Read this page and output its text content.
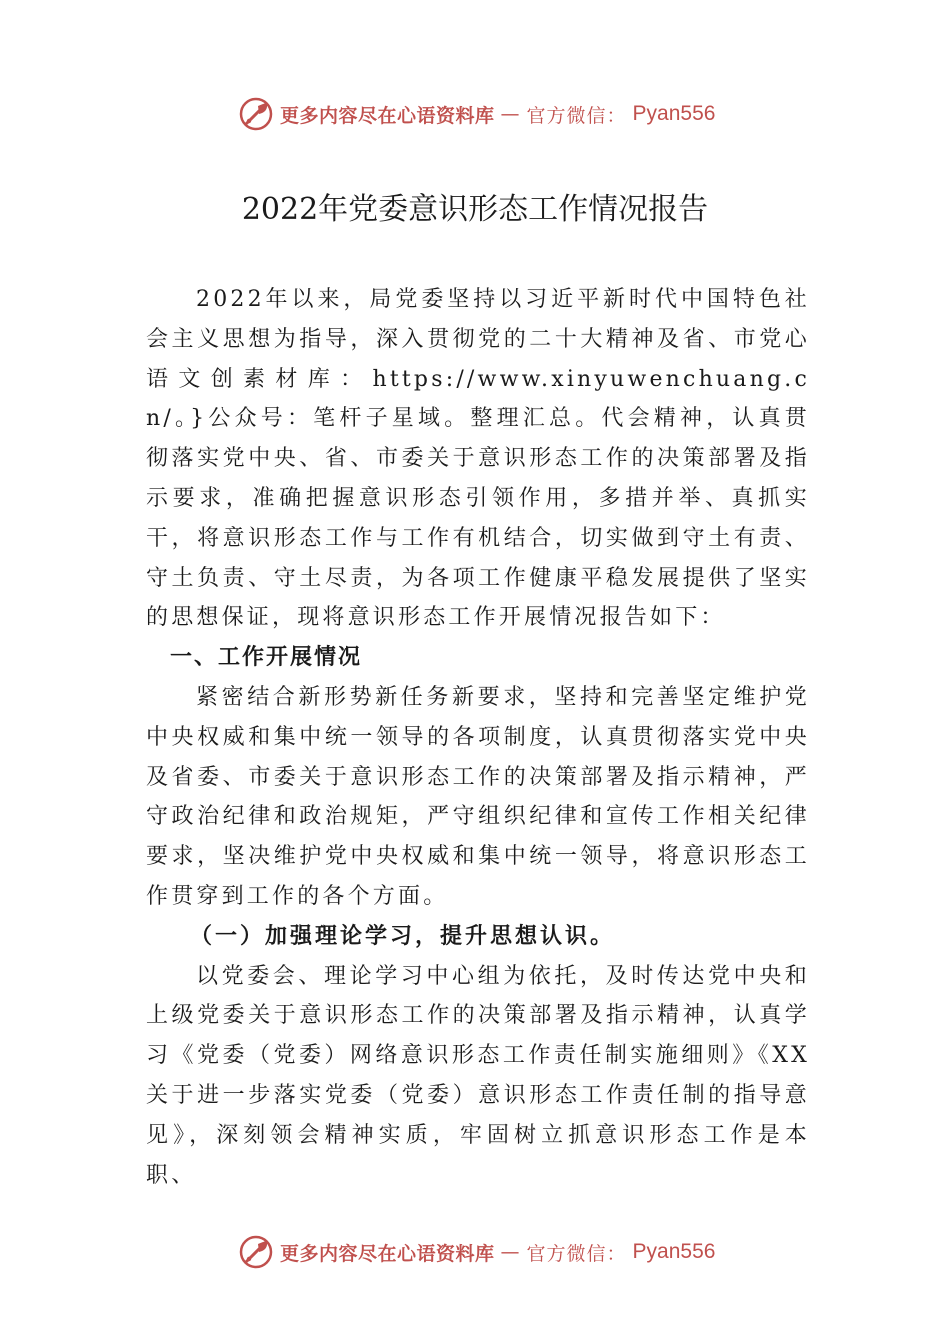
更多内容尽在心语资料库 — 官方微信： Pyan556
2022年党委意识形态工作情况报告

2022年以来，局党委坚持以习近平新时代中国特色社会主义思想为指导，深入贯彻党的二十大精神及省、市党心语文创素材库：https://www.xinyuwenchuang.cn/。}公众号：笔杆子星域。整理汇总。代会精神，认真贯彻落实党中央、省、市委关于意识形态工作的决策部署及指示要求，准确把握意识形态引领作用，多措并举、真抓实干，将意识形态工作与工作有机结合，切实做到守土有责、守土负责、守土尽责，为各项工作健康平稳发展提供了坚实的思想保证，现将意识形态工作开展情况报告如下：

一、工作开展情况

紧密结合新形势新任务新要求，坚持和完善坚定维护党中央权威和集中统一领导的各项制度，认真贯彻落实党中央及省委、市委关于意识形态工作的决策部署及指示精神，严守政治纪律和政治规矩，严守组织纪律和宣传工作相关纪律要求，坚决维护党中央权威和集中统一领导，将意识形态工作贯穿到工作的各个方面。

（一）加强理论学习，提升思想认识。

以党委会、理论学习中心组为依托，及时传达党中央和上级党委关于意识形态工作的决策部署及指示精神，认真学习《党委（党委）网络意识形态工作责任制实施细则》《XX关于进一步落实党委（党委）意识形态工作责任制的指导意见》，深刻领会精神实质，牢固树立抓意识形态工作是本职、

更多内容尽在心语资料库 — 官方微信： Pyan556
